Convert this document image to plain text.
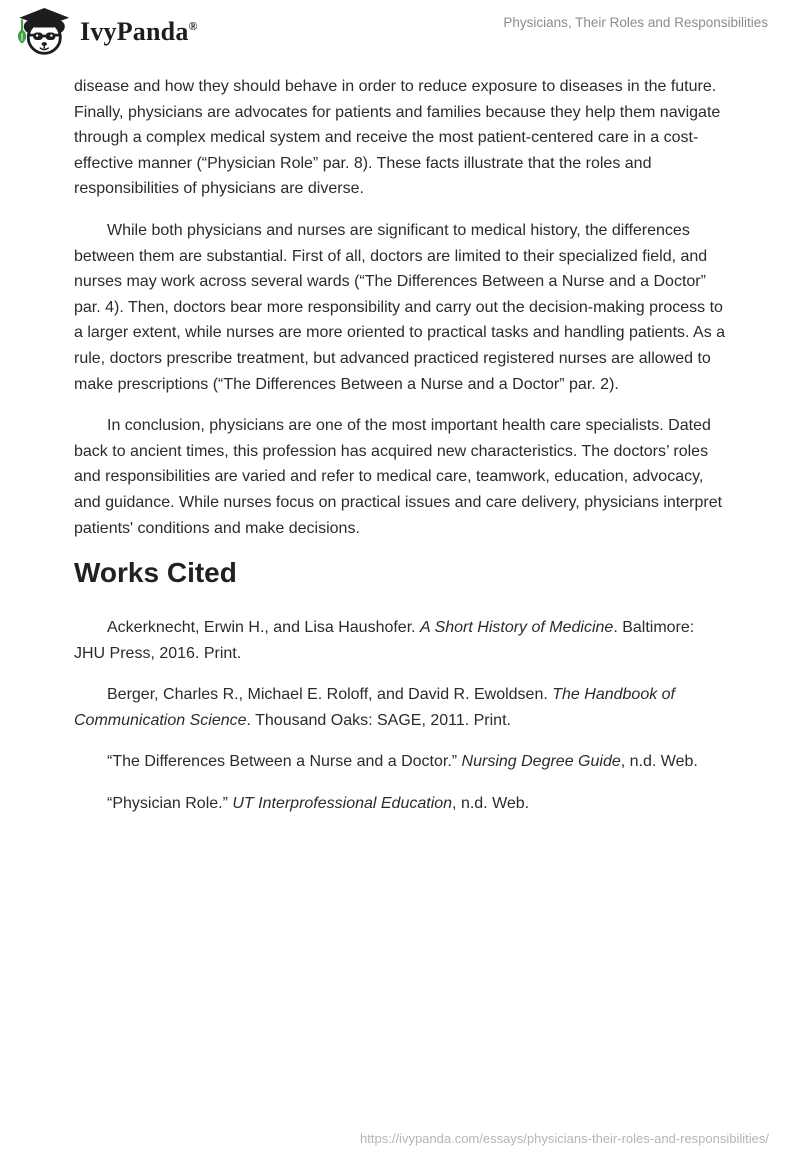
IvyPanda®	Physicians, Their Roles and Responsibilities

disease and how they should behave in order to reduce exposure to diseases in the future. Finally, physicians are advocates for patients and families because they help them navigate through a complex medical system and receive the most patient-centered care in a cost-effective manner (“Physician Role” par. 8). These facts illustrate that the roles and responsibilities of physicians are diverse.

While both physicians and nurses are significant to medical history, the differences between them are substantial. First of all, doctors are limited to their specialized field, and nurses may work across several wards (“The Differences Between a Nurse and a Doctor” par. 4). Then, doctors bear more responsibility and carry out the decision-making process to a larger extent, while nurses are more oriented to practical tasks and handling patients. As a rule, doctors prescribe treatment, but advanced practiced registered nurses are allowed to make prescriptions (“The Differences Between a Nurse and a Doctor” par. 2).

In conclusion, physicians are one of the most important health care specialists. Dated back to ancient times, this profession has acquired new characteristics. The doctors’ roles and responsibilities are varied and refer to medical care, teamwork, education, advocacy, and guidance. While nurses focus on practical issues and care delivery, physicians interpret patients' conditions and make decisions.

Works Cited

Ackerknecht, Erwin H., and Lisa Haushofer. A Short History of Medicine. Baltimore: JHU Press, 2016. Print.

Berger, Charles R., Michael E. Roloff, and David R. Ewoldsen. The Handbook of Communication Science. Thousand Oaks: SAGE, 2011. Print.

“The Differences Between a Nurse and a Doctor.” Nursing Degree Guide, n.d. Web.

“Physician Role.” UT Interprofessional Education, n.d. Web.

https://ivypanda.com/essays/physicians-their-roles-and-responsibilities/
